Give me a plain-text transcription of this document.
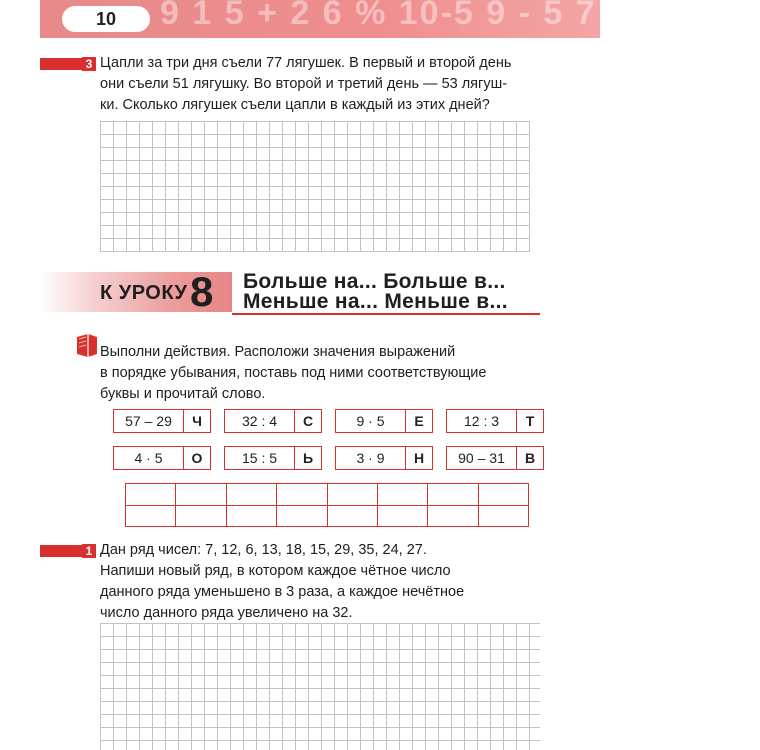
9 1 5 + 2 6 % 10-5 9 - 5 7 6-4=2 5+
10
3 Цапли за три дня съели 77 лягушек. В первый и второй день
они съели 51 лягушку. Во второй и третий день — 53 лягуш-
ки. Сколько лягушек съели цапли в каждый из этих дней?
К УРОКУ 8 Больше на... Больше в...
Меньше на... Меньше в...
Выполни действия. Расположи значения выражений
в порядке убывания, поставь под ними соответствующие
буквы и прочитай слово.
57 – 29	Ч	32 : 4	С	9 · 5	Е	12 : 3	Т
4 · 5	О	15 : 5	Ь	3 · 9	Н	90 – 31	В

1 Дан ряд чисел: 7, 12, 6, 13, 18, 15, 29, 35, 24, 27.
Напиши новый ряд, в котором каждое чётное число
данного ряда уменьшено в 3 раза, а каждое нечётное
число данного ряда увеличено на 32.
